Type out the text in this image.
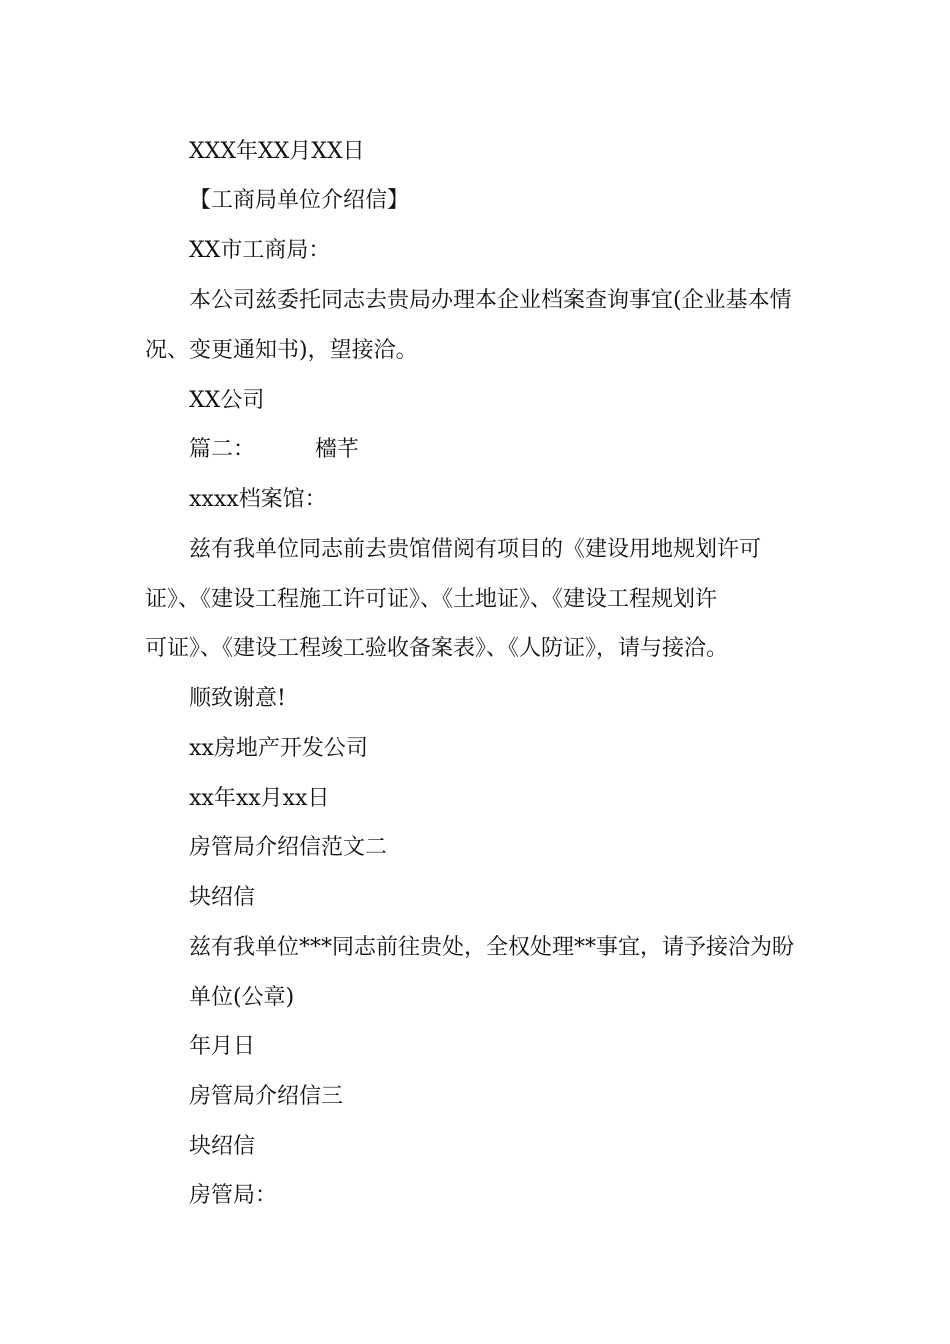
XXX年XX月XX日
【工商局单位介绍信】
XX市工商局：
本公司兹委托同志去贵局办理本企业档案查询事宜(企业基本情
况、变更通知书)，望接洽。
XX公司
篇二：	檣芊
xxxx档案馆：
兹有我单位同志前去贵馆借阅有项目的《建设用地规划许可
证》、《建设工程施工许可证》、《土地证》、《建设工程规划许
可证》、《建设工程竣工验收备案表》、《人防证》，请与接洽。
顺致谢意!
xx房地产开发公司
xx年xx月xx日
房管局介绍信范文二
块绍信
兹有我单位***同志前往贵处，全权处理**事宜，请予接洽为盼
单位(公章)
年月日
房管局介绍信三
块绍信
房管局：
